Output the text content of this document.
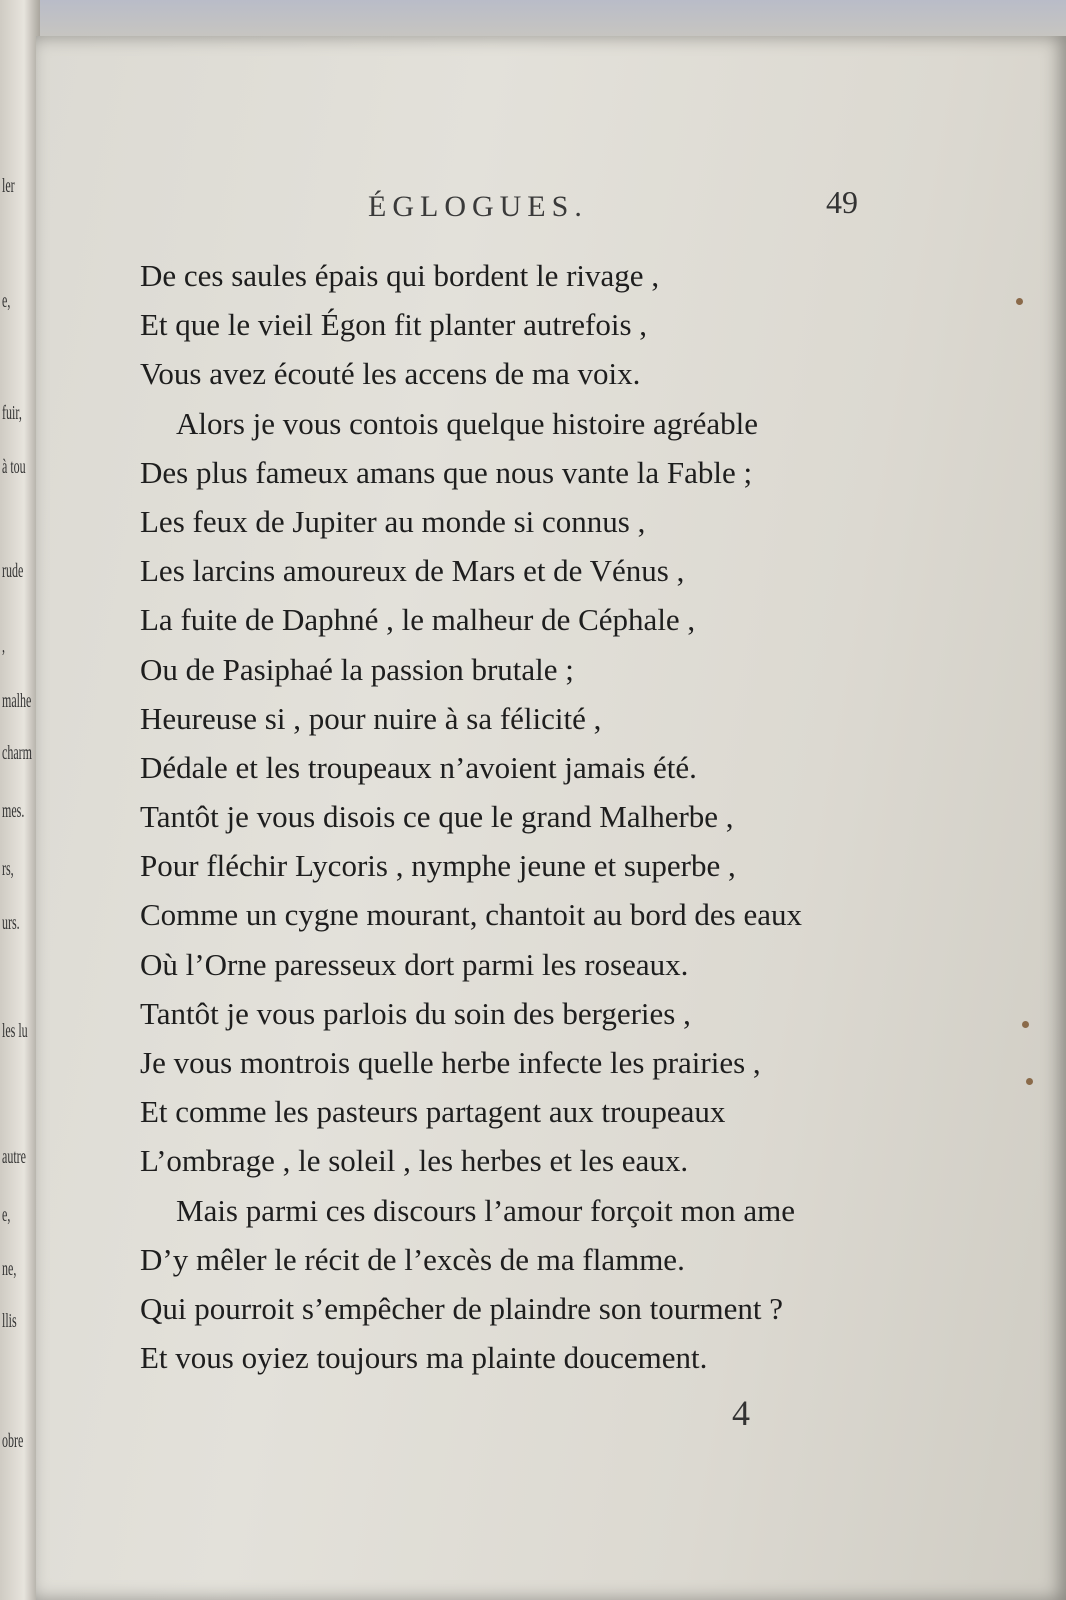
ler
e,
fuir,
à tou
rude
,
malhe
charm
mes.
rs,
urs.
les lu
autre
e,
ne,
llis
obre
ÉGLOGUES.	49
De ces saules épais qui bordent le rivage ,
Et que le vieil Égon fit planter autrefois ,
Vous avez écouté les accens de ma voix.
Alors je vous contois quelque histoire agréable
Des plus fameux amans que nous vante la Fable ;
Les feux de Jupiter au monde si connus ,
Les larcins amoureux de Mars et de Vénus ,
La fuite de Daphné , le malheur de Céphale ,
Ou de Pasiphaé la passion brutale ;
Heureuse si , pour nuire à sa félicité ,
Dédale et les troupeaux n’avoient jamais été.
Tantôt je vous disois ce que le grand Malherbe ,
Pour fléchir Lycoris , nymphe jeune et superbe ,
Comme un cygne mourant, chantoit au bord des eaux
Où l’Orne paresseux dort parmi les roseaux.
Tantôt je vous parlois du soin des bergeries ,
Je vous montrois quelle herbe infecte les prairies ,
Et comme les pasteurs partagent aux troupeaux
L’ombrage , le soleil , les herbes et les eaux.
Mais parmi ces discours l’amour forçoit mon ame
D’y mêler le récit de l’excès de ma flamme.
Qui pourroit s’empêcher de plaindre son tourment ?
Et vous oyiez toujours ma plainte doucement.
4
